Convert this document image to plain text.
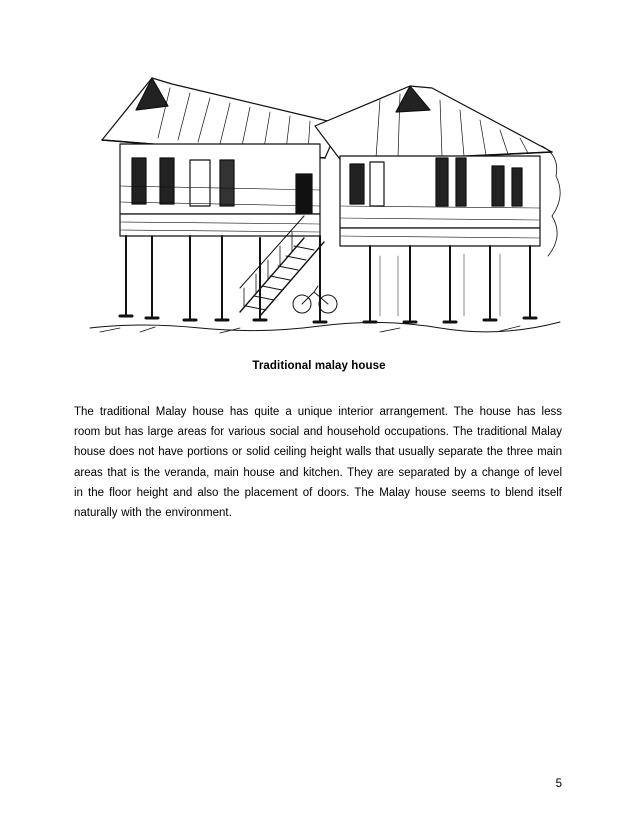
Traditional malay house

The traditional Malay house has quite a unique interior arrangement. The house has less room but has large areas for various social and household occupations. The traditional Malay house does not have portions or solid ceiling height walls that usually separate the three main areas that is the veranda, main house and kitchen. They are separated by a change of level in the floor height and also the placement of doors. The Malay house seems to blend itself naturally with the environment.

5
